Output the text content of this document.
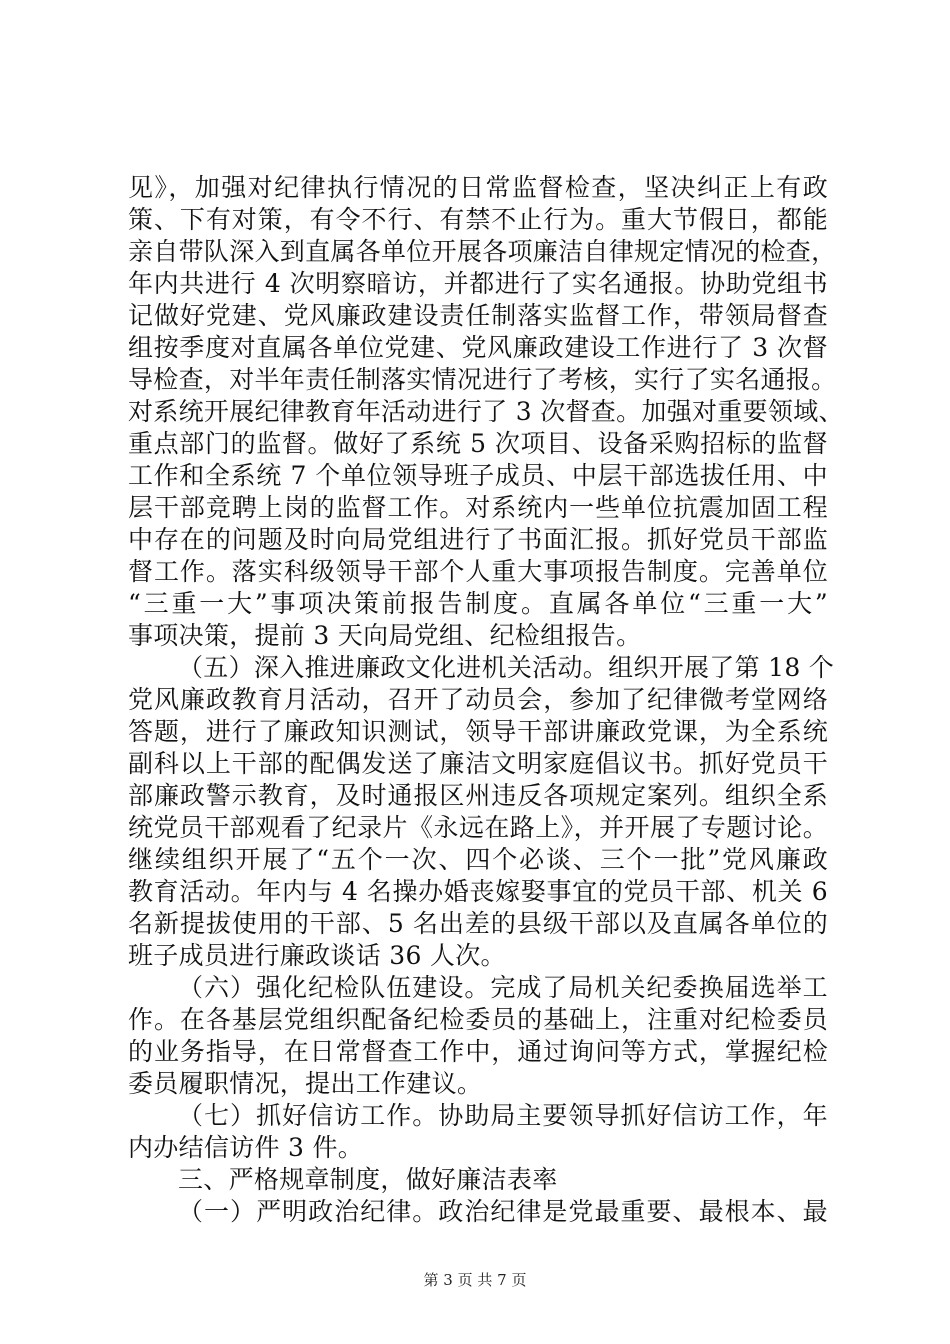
见》，加强对纪律执行情况的日常监督检查，坚决纠正上有政
策、下有对策，有令不行、有禁不止行为。重大节假日，都能
亲自带队深入到直属各单位开展各项廉洁自律规定情况的检查，
年内共进行 4 次明察暗访，并都进行了实名通报。协助党组书
记做好党建、党风廉政建设责任制落实监督工作，带领局督查
组按季度对直属各单位党建、党风廉政建设工作进行了 3 次督
导检查，对半年责任制落实情况进行了考核，实行了实名通报。
对系统开展纪律教育年活动进行了 3 次督查。加强对重要领域、
重点部门的监督。做好了系统 5 次项目、设备采购招标的监督
工作和全系统 7 个单位领导班子成员、中层干部选拔任用、中
层干部竞聘上岗的监督工作。对系统内一些单位抗震加固工程
中存在的问题及时向局党组进行了书面汇报。抓好党员干部监
督工作。落实科级领导干部个人重大事项报告制度。完善单位
“三重一大”事项决策前报告制度。直属各单位“三重一大”
事项决策，提前 3 天向局党组、纪检组报告。
（五）深入推进廉政文化进机关活动。组织开展了第 18 个
党风廉政教育月活动，召开了动员会，参加了纪律微考堂网络
答题，进行了廉政知识测试，领导干部讲廉政党课，为全系统
副科以上干部的配偶发送了廉洁文明家庭倡议书。抓好党员干
部廉政警示教育，及时通报区州违反各项规定案列。组织全系
统党员干部观看了纪录片《永远在路上》，并开展了专题讨论。
继续组织开展了“五个一次、四个必谈、三个一批”党风廉政
教育活动。年内与 4 名操办婚丧嫁娶事宜的党员干部、机关 6
名新提拔使用的干部、5 名出差的县级干部以及直属各单位的
班子成员进行廉政谈话 36 人次。
（六）强化纪检队伍建设。完成了局机关纪委换届选举工
作。在各基层党组织配备纪检委员的基础上，注重对纪检委员
的业务指导，在日常督查工作中，通过询问等方式，掌握纪检
委员履职情况，提出工作建议。
（七）抓好信访工作。协助局主要领导抓好信访工作，年
内办结信访件 3 件。
三、严格规章制度，做好廉洁表率
（一）严明政治纪律。政治纪律是党最重要、最根本、最
第 3 页 共 7 页
